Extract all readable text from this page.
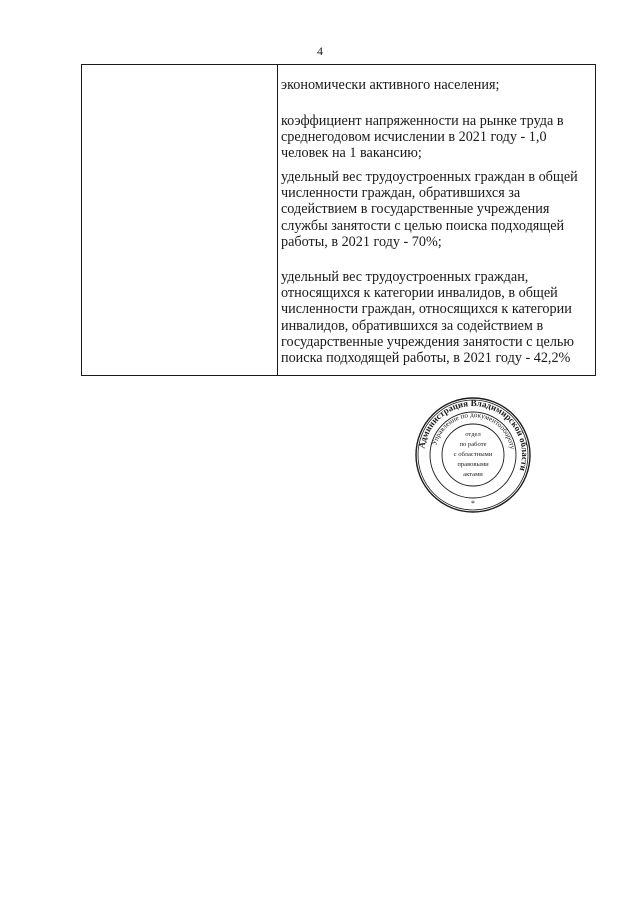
4

экономически активного населения;

коэффициент напряженности на рынке труда в среднегодовом исчислении в 2021 году - 1,0 человек на 1 вакансию;

удельный вес трудоустроенных граждан в общей численности граждан, обратившихся за содействием в государственные учреждения службы занятости с целью поиска подходящей работы, в 2021 году - 70%;

удельный вес трудоустроенных граждан, относящихся к категории инвалидов, в общей численности граждан, относящихся к категории инвалидов, обратившихся за содействием в государственные учреждения занятости с целью поиска подходящей работы, в 2021 году - 42,2%

Администрация Владимирской области
Управление по документообороту
отдел
по работе
с областными
правовыми
актами
*
